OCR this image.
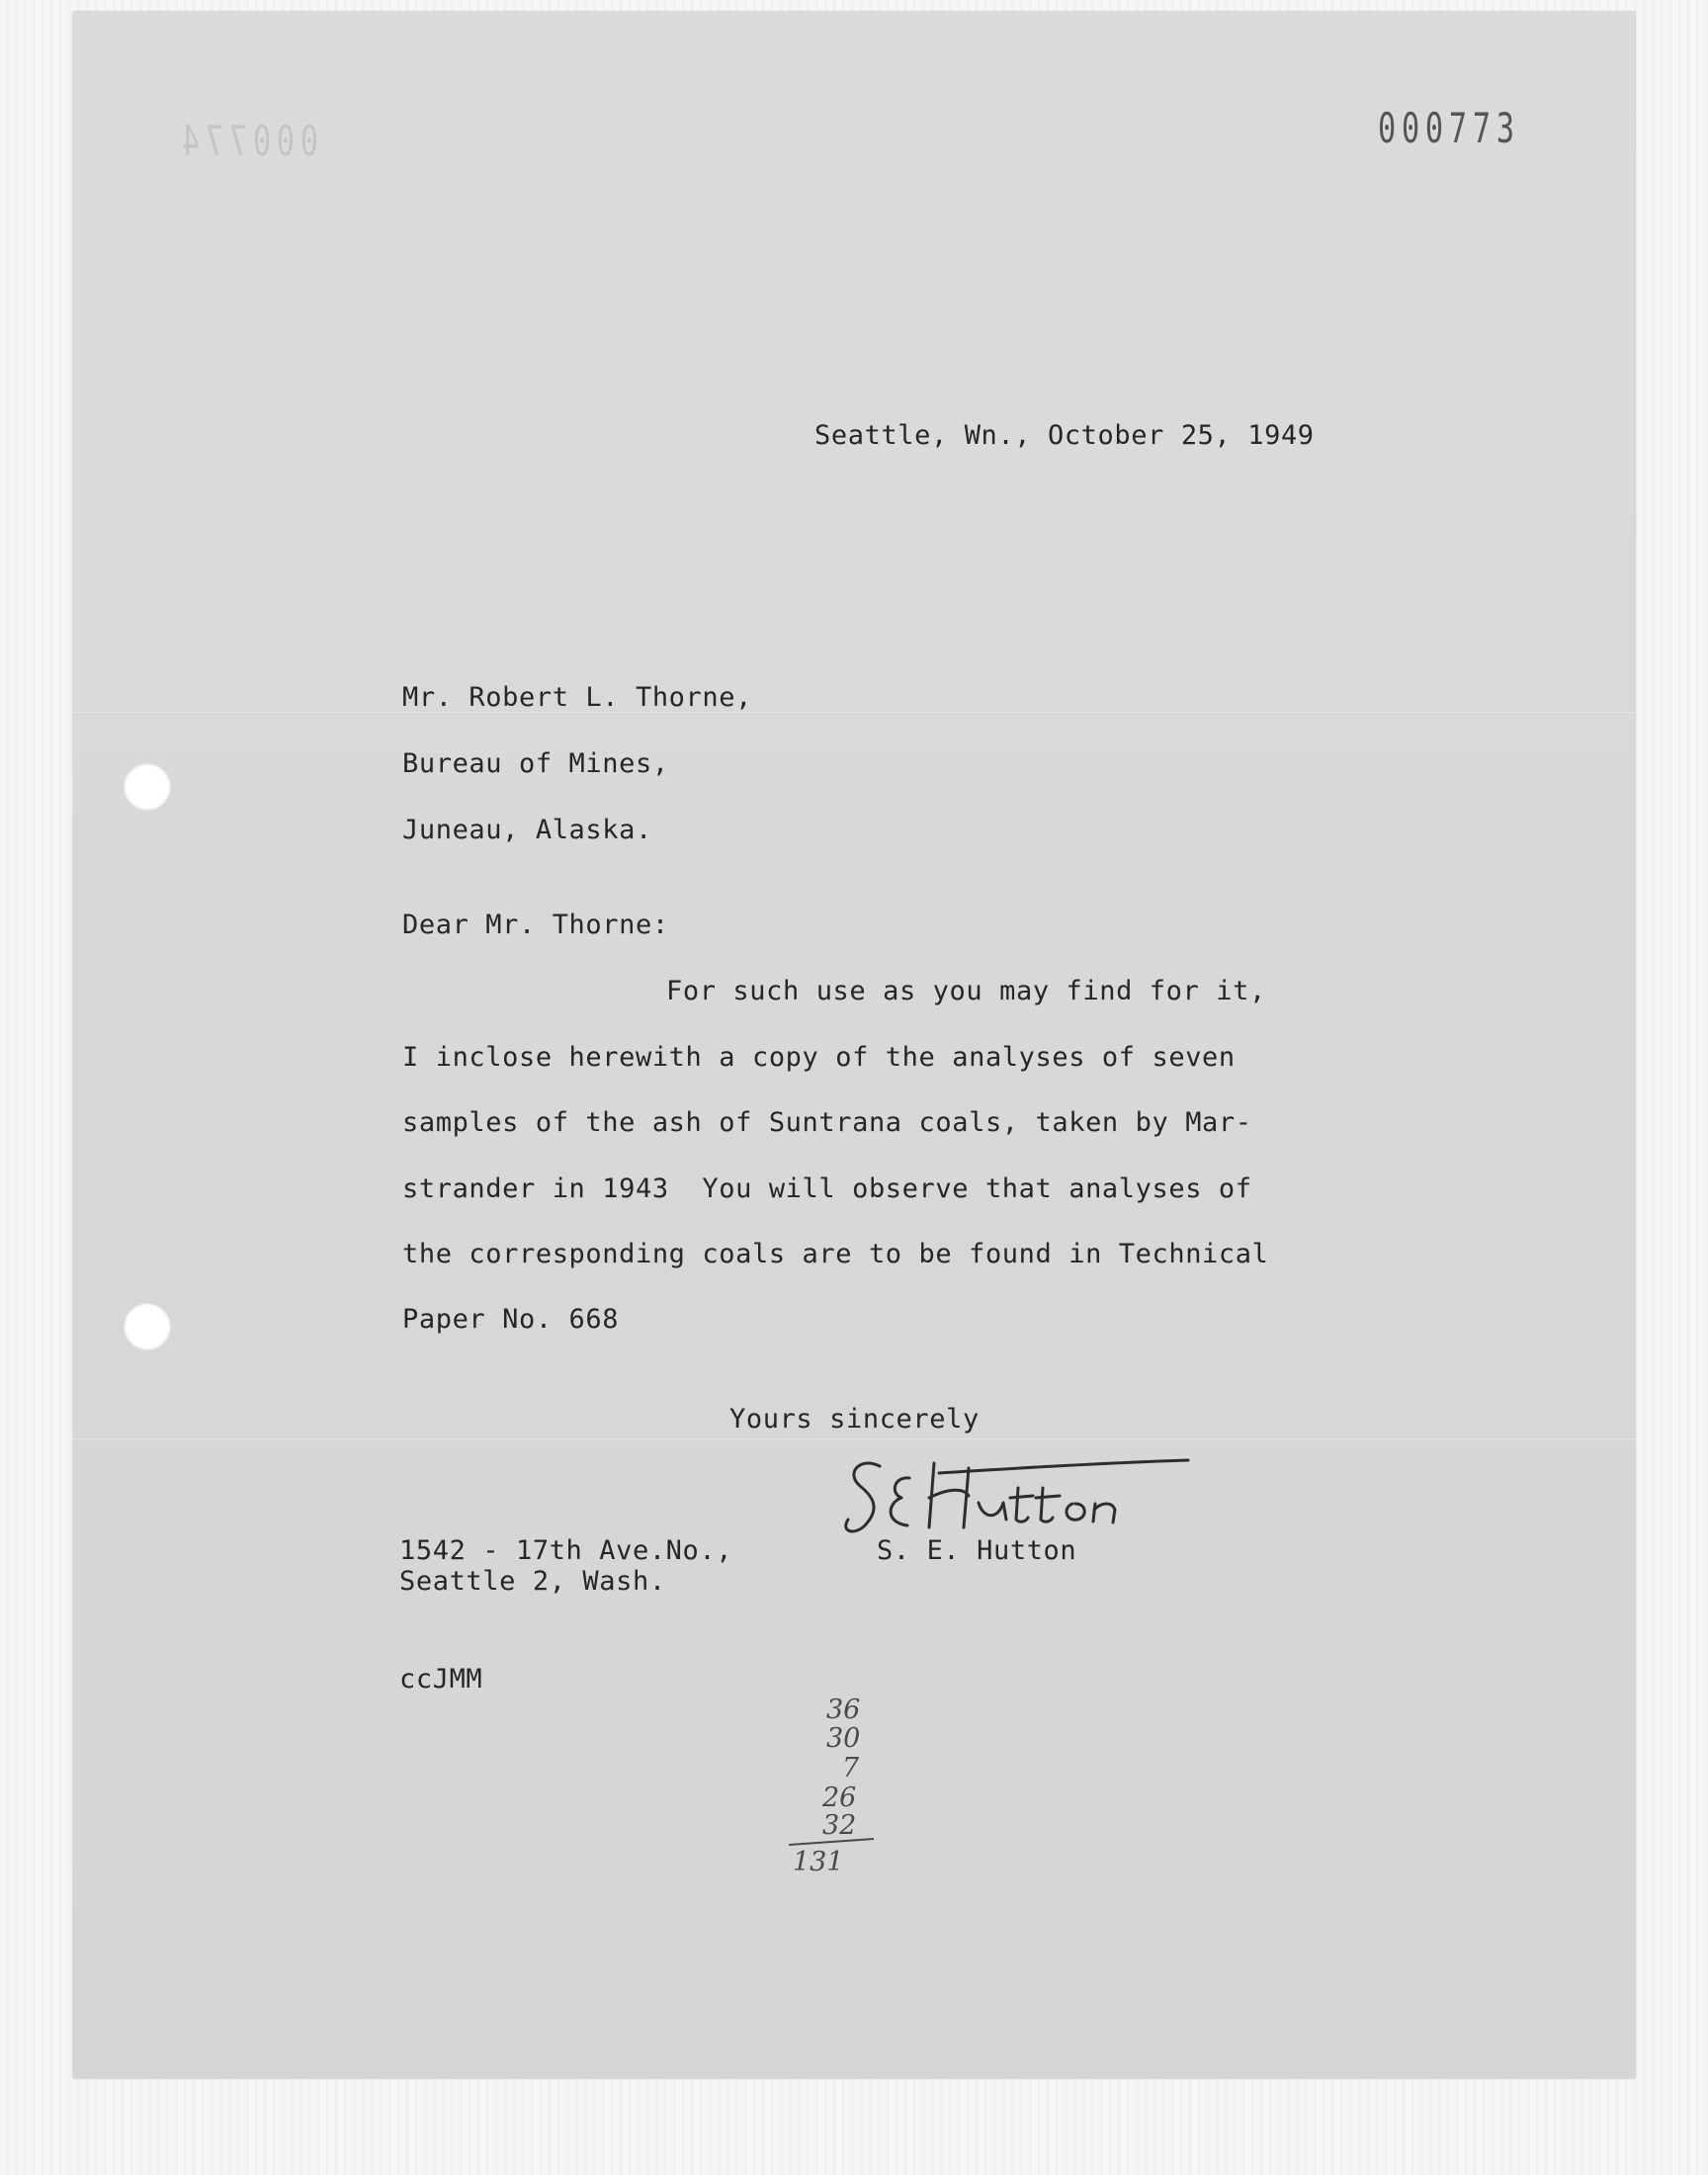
000774	000773
Seattle, Wn., October 25, 1949
Mr. Robert L. Thorne,
Bureau of Mines,
Juneau, Alaska.
Dear Mr. Thorne:
For such use as you may find for it,
I inclose herewith a copy of the analyses of seven
samples of the ash of Suntrana coals, taken by Mar-
strander in 1943  You will observe that analyses of
the corresponding coals are to be found in Technical
Paper No. 668
Yours sincerely
S. E. Hutton
1542 - 17th Ave.No.,
Seattle 2, Wash.
ccJMM
36
30
7
26
32
131
